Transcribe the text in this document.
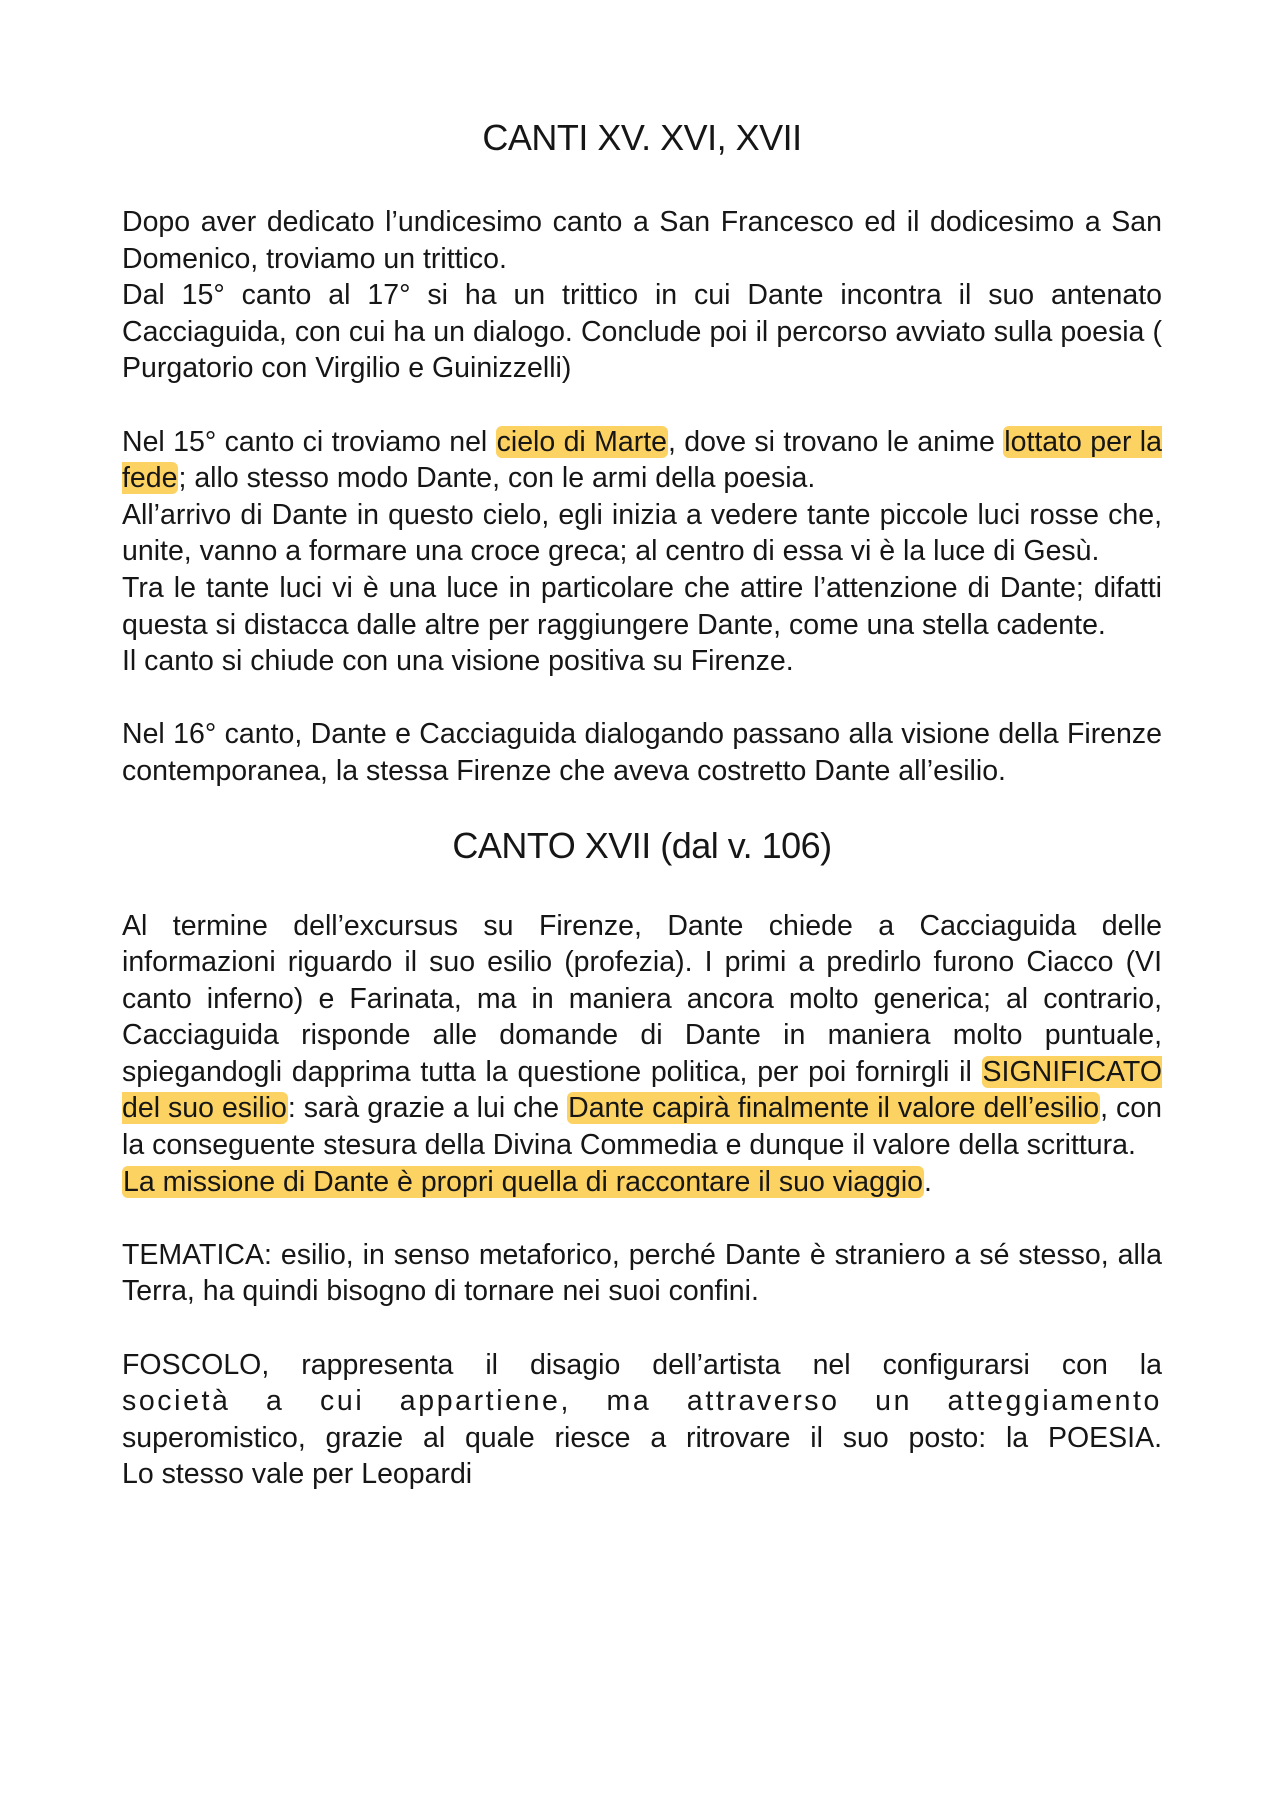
CANTI XV. XVI, XVII

Dopo aver dedicato l’undicesimo canto a San Francesco ed il dodicesimo a San Domenico, troviamo un trittico.

Dal 15° canto al 17° si ha un trittico in cui Dante incontra il suo antenato Cacciaguida, con cui ha un dialogo. Conclude poi il percorso avviato sulla poesia ( Purgatorio con Virgilio e Guinizzelli)

Nel 15° canto ci troviamo nel cielo di Marte, dove si trovano le anime lottato per la fede; allo stesso modo Dante, con le armi della poesia.

All’arrivo di Dante in questo cielo, egli inizia a vedere tante piccole luci rosse che, unite, vanno a formare una croce greca; al centro di essa vi è la luce di Gesù.

Tra le tante luci vi è una luce in particolare che attire l’attenzione di Dante; difatti questa si distacca dalle altre per raggiungere Dante, come una stella cadente.

Il canto si chiude con una visione positiva su Firenze.

Nel 16° canto, Dante e Cacciaguida dialogando passano alla visione della Firenze contemporanea, la stessa Firenze che aveva costretto Dante all’esilio.

CANTO XVII (dal v. 106)

Al termine dell’excursus su Firenze, Dante chiede a Cacciaguida delle informazioni riguardo il suo esilio (profezia). I primi a predirlo furono Ciacco (VI canto inferno) e Farinata, ma in maniera ancora molto generica; al contrario, Cacciaguida risponde alle domande di Dante in maniera molto puntuale, spiegandogli dapprima tutta la questione politica, per poi fornirgli il SIGNIFICATO del suo esilio: sarà grazie a lui che Dante capirà finalmente il valore dell’esilio, con la conseguente stesura della Divina Commedia e dunque il valore della scrittura.

La missione di Dante è propri quella di raccontare il suo viaggio.

TEMATICA: esilio, in senso metaforico, perché Dante è straniero a sé stesso, alla Terra, ha quindi bisogno di tornare nei suoi confini.

FOSCOLO, rappresenta il disagio dell’artista nel configurarsi con la

società a cui appartiene, ma attraverso un atteggiamento

superomistico, grazie al quale riesce a ritrovare il suo posto: la POESIA.

Lo stesso vale per Leopardi
